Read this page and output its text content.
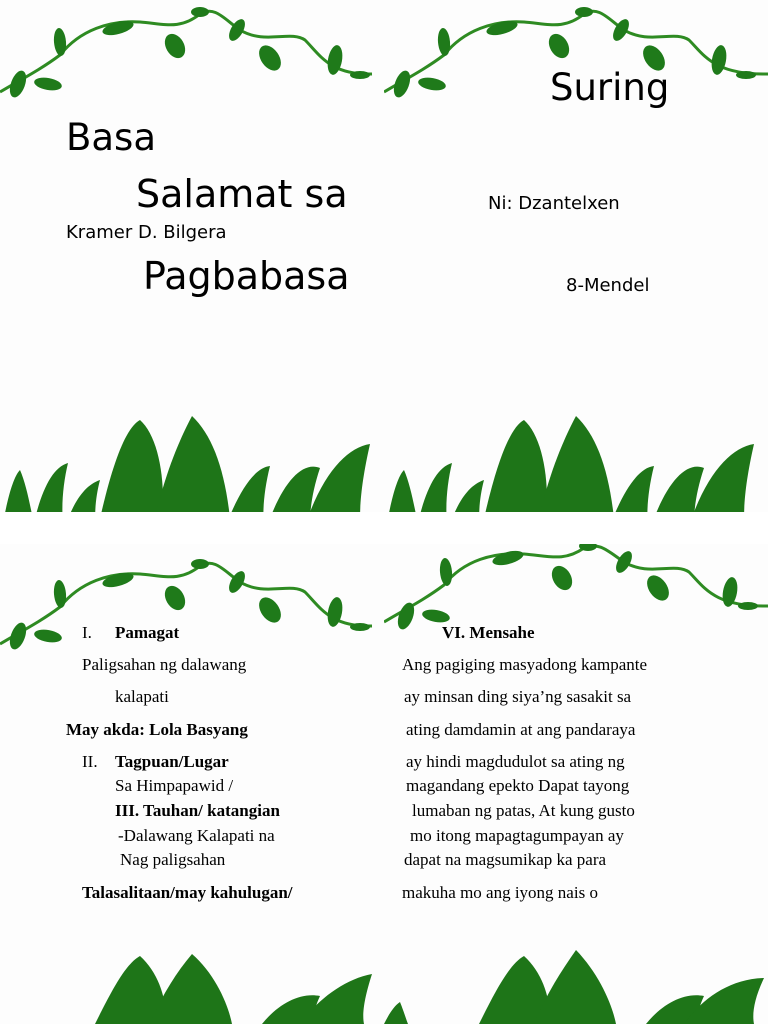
Basa
Salamat sa
Kramer D. Bilgera
Pagbabasa
Suring
Ni: Dzantelxen
8-Mendel
I. Pamagat
Paligsahan ng dalawang
kalapati
May akda: Lola Basyang
II. Tagpuan/Lugar
Sa Himpapawid /
III. Tauhan/ katangian
-Dalawang Kalapati na
Nag paligsahan
Talasalitaan/may kahulugan/
VI. Mensahe
Ang pagiging masyadong kampante
ay minsan ding siya’ng sasakit sa
ating damdamin at ang pandaraya
ay hindi magdudulot sa ating ng
magandang epekto Dapat tayong
lumaban ng patas, At kung gusto
mo itong mapagtagumpayan ay
dapat na magsumikap ka para
makuha mo ang iyong nais o
